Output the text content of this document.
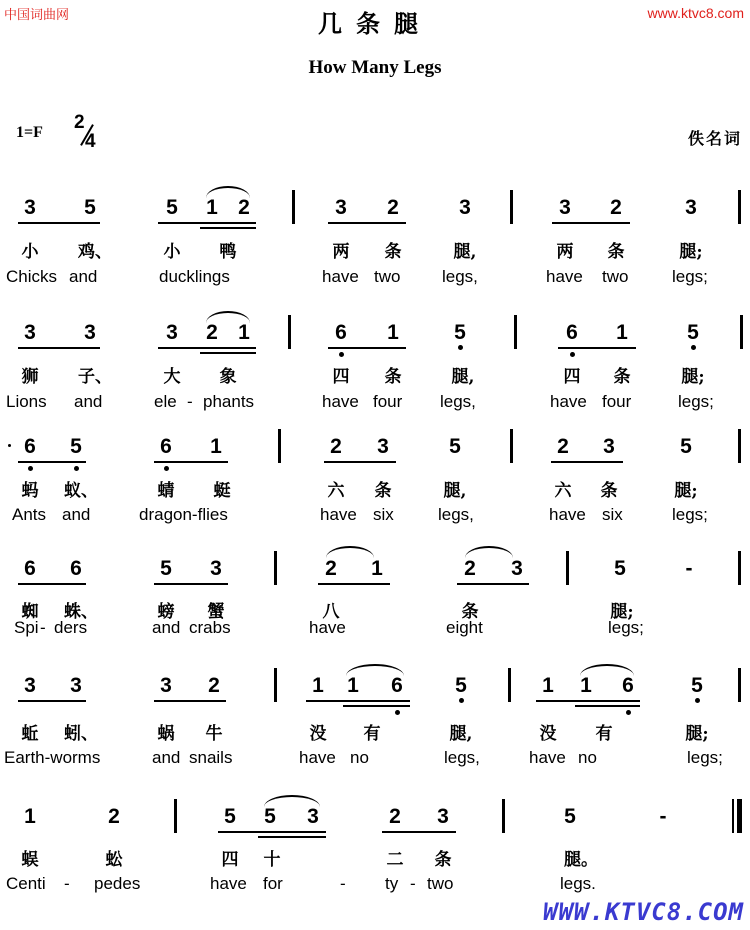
中国词曲网	www.ktvc8.com
几条腿
How Many Legs
1=F 2
4	佚名词
3	5	5	1 2	3	2	3	3	2	3
小 鸡、	小 鸭	两 条	腿,	两 条	腿;
Chicks and	ducklings	have two legs,	have two	legs;
3	3	3	2 1	6	1	5	6	1	5
狮 子、	大 象	四 条	腿,	四 条	腿;
Lions and	ele - phants	have four legs,	have four	legs;
6	5	6	1	2	3	5	2	3	5
蚂 蚁、	蜻 蜓	六 条	腿,	六 条	腿;
Ants and	dragon-flies	have six	legs,	have six	legs;
6	6	5	3	2	1	2	3	5	-
蜘 蛛、	螃 蟹	八	条	腿;
Spi - ders	and crabs	have	eight	legs;
3	3	3	2	1	1	6	5	1	1	6	5
蚯 蚓、	蜗 牛	没 有	腿,	没 有	腿;
Earth-worms	and snails	have no	legs,	have no	legs;
1	2	5	5	3	2	3	5	-
蜈	蚣	四 十	二 条	腿。
Centi - pedes	have for	- ty - two	legs.
WWW.KTVC8.COM
